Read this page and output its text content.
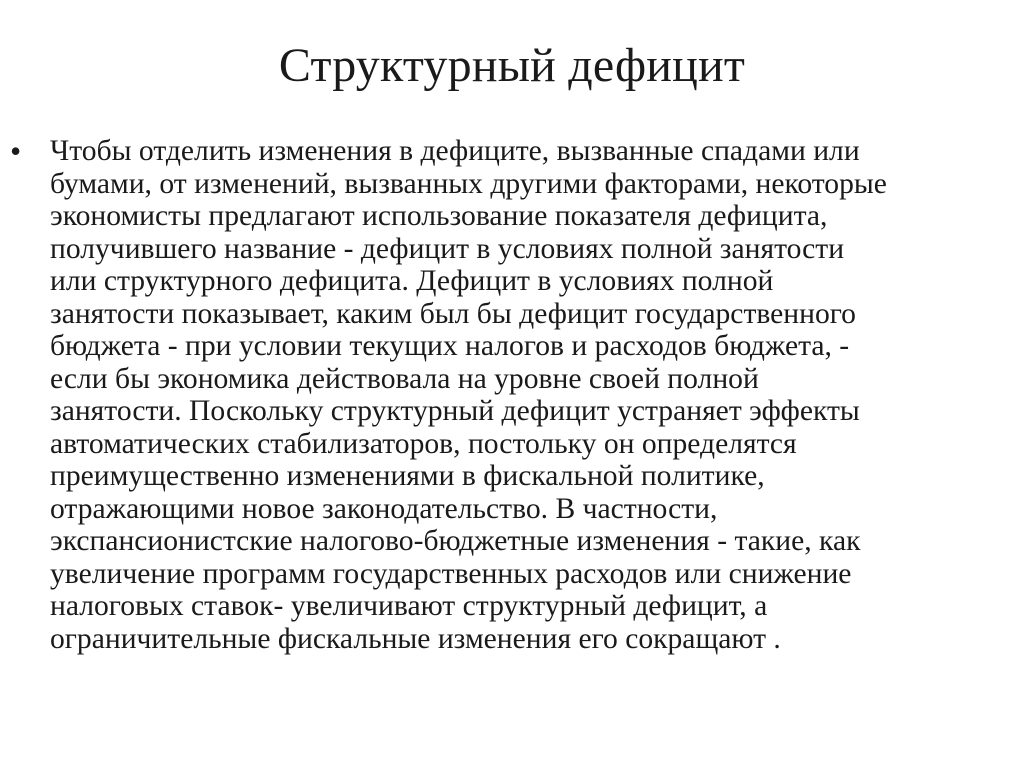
Структурный дефицит
• Чтобы отделить изменения в дефиците, вызванные спадами или
бумами, от изменений, вызванных другими факторами, некоторые
экономисты предлагают использование показателя дефицита,
получившего название - дефицит в условиях полной занятости
или структурного дефицита. Дефицит в условиях полной
занятости показывает, каким был бы дефицит государственного
бюджета - при условии текущих налогов и расходов бюджета, -
если бы экономика действовала на уровне своей полной
занятости. Поскольку структурный дефицит устраняет эффекты
автоматических стабилизаторов, постольку он определятся
преимущественно изменениями в фискальной политике,
отражающими новое законодательство. В частности,
экспансионистские налогово-бюджетные изменения - такие, как
увеличение программ государственных расходов или снижение
налоговых ставок- увеличивают структурный дефицит, а
ограничительные фискальные изменения его сокращают .
